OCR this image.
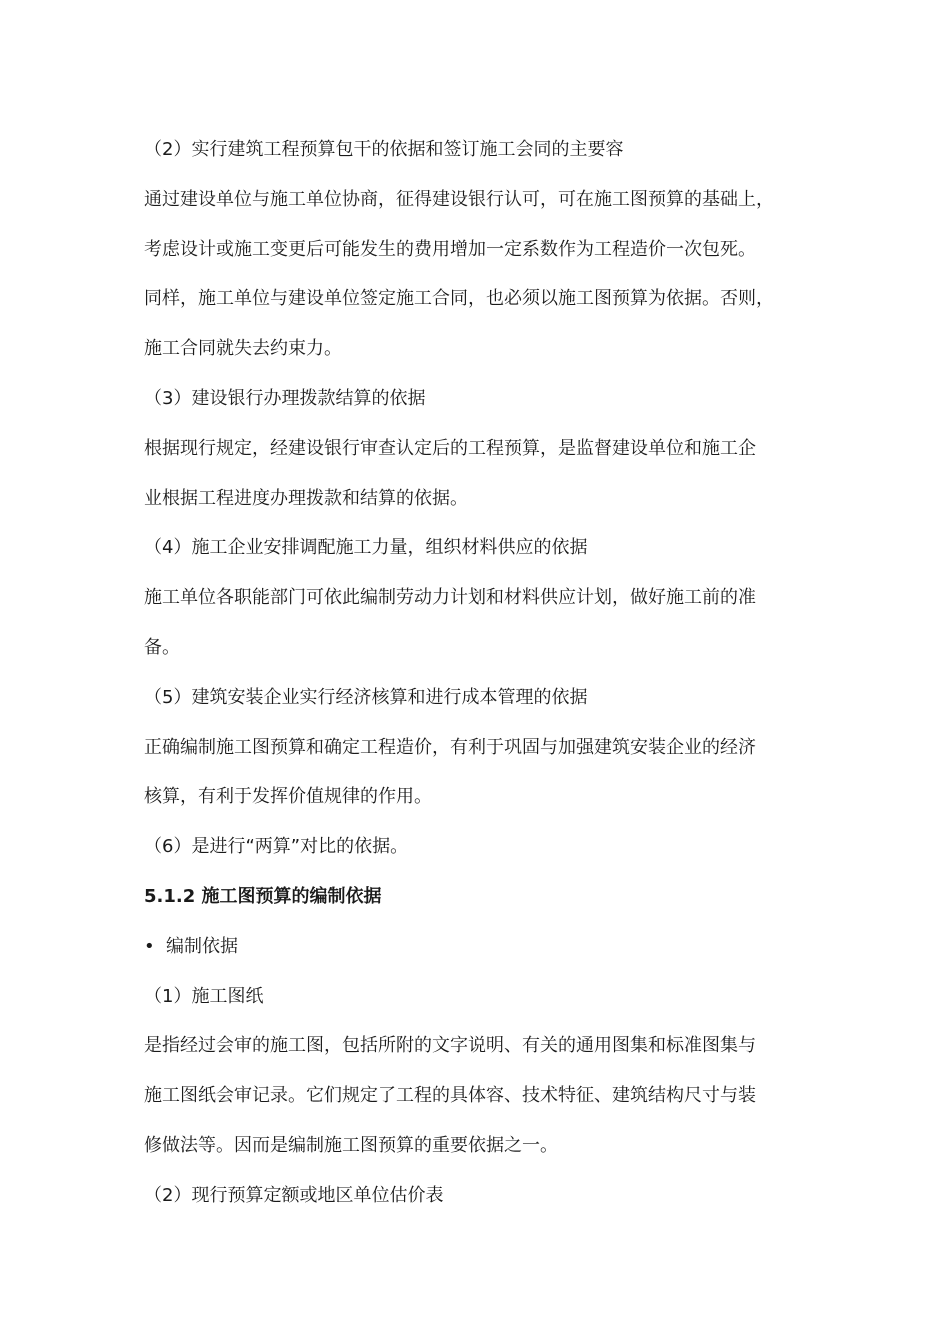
（2）实行建筑工程预算包干的依据和签订施工会同的主要容
通过建设单位与施工单位协商，征得建设银行认可，可在施工图预算的基础上，
考虑设计或施工变更后可能发生的费用增加一定系数作为工程造价一次包死。
同样，施工单位与建设单位签定施工合同，也必须以施工图预算为依据。否则，
施工合同就失去约束力。
（3）建设银行办理拨款结算的依据
根据现行规定，经建设银行审查认定后的工程预算，是监督建设单位和施工企
业根据工程进度办理拨款和结算的依据。
（4）施工企业安排调配施工力量，组织材料供应的依据
施工单位各职能部门可依此编制劳动力计划和材料供应计划，做好施工前的准
备。
（5）建筑安装企业实行经济核算和进行成本管理的依据
正确编制施工图预算和确定工程造价，有利于巩固与加强建筑安装企业的经济
核算，有利于发挥价值规律的作用。
（6）是进行“两算”对比的依据。
5.1.2 施工图预算的编制依据
• 编制依据
（1）施工图纸
是指经过会审的施工图，包括所附的文字说明、有关的通用图集和标准图集与
施工图纸会审记录。它们规定了工程的具体容、技术特征、建筑结构尺寸与装
修做法等。因而是编制施工图预算的重要依据之一。
（2）现行预算定额或地区单位估价表
